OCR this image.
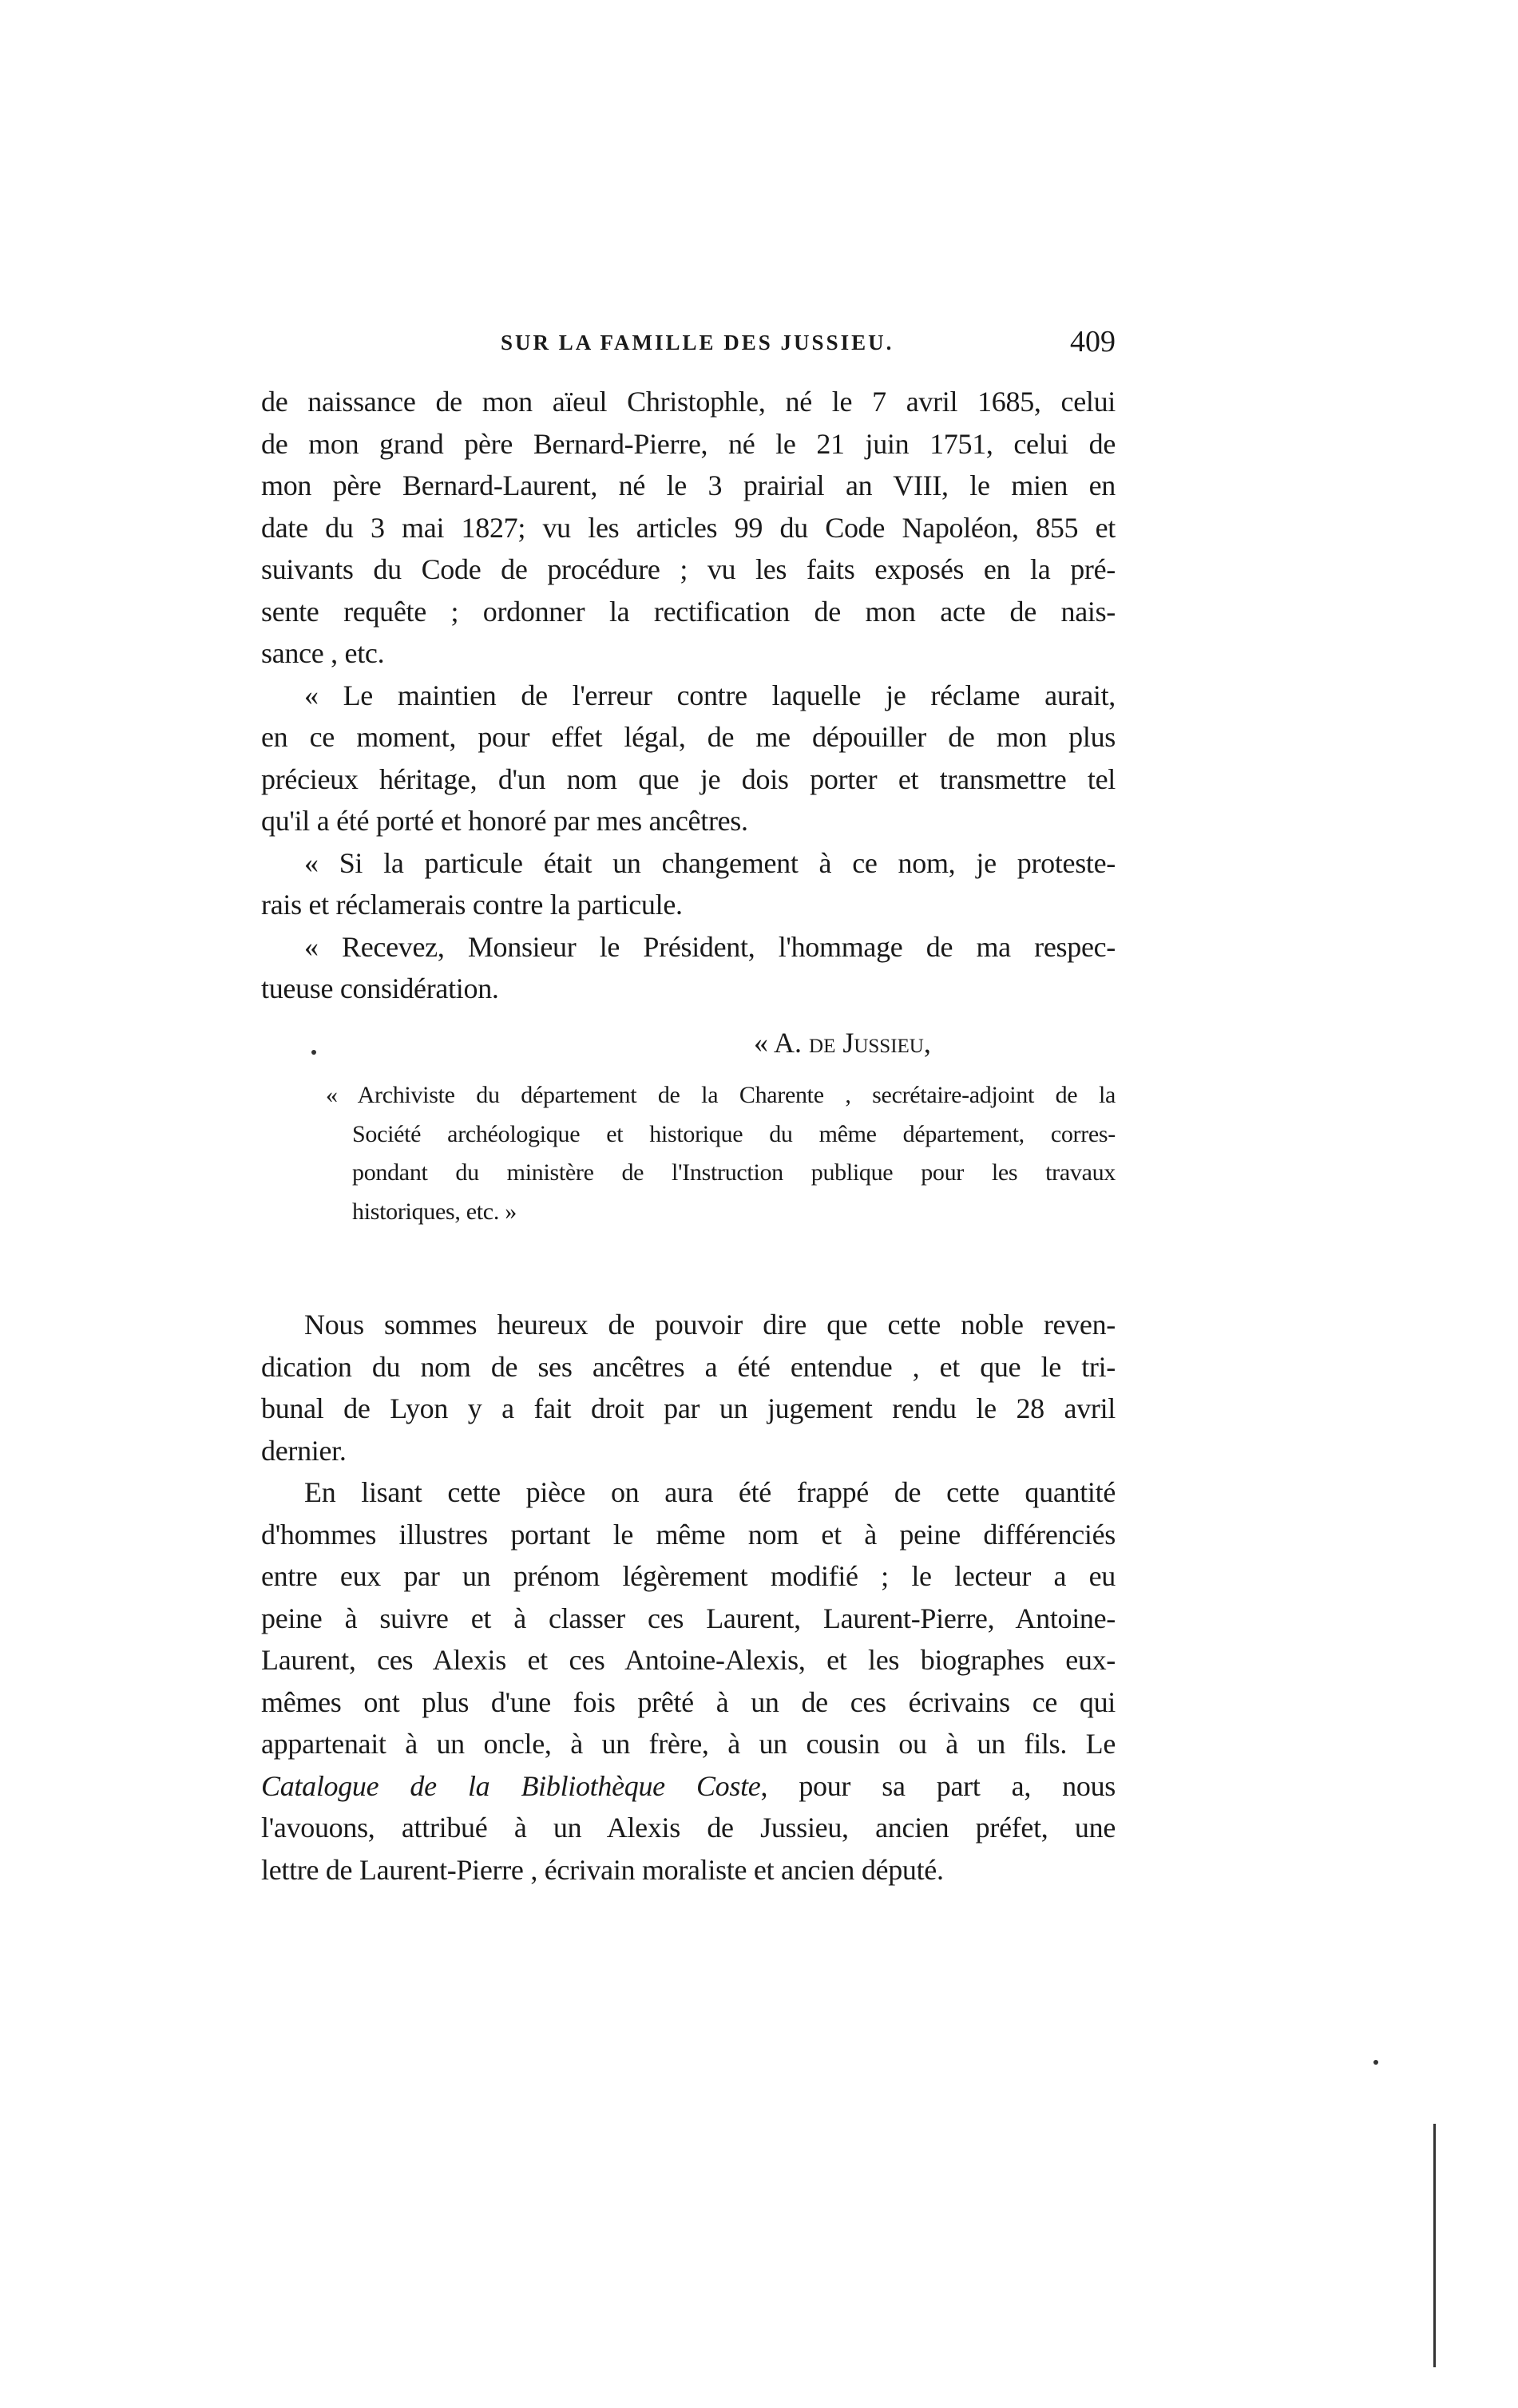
SUR LA FAMILLE DES JUSSIEU.	409
de naissance de mon aïeul Christophle, né le 7 avril 1685, celui
de mon grand père Bernard-Pierre, né le 21 juin 1751, celui de
mon père Bernard-Laurent, né le 3 prairial an VIII, le mien en
date du 3 mai 1827; vu les articles 99 du Code Napoléon, 855 et
suivants du Code de procédure ; vu les faits exposés en la pré-
sente requête ; ordonner la rectification de mon acte de nais-
sance , etc.
« Le maintien de l'erreur contre laquelle je réclame aurait,
en ce moment, pour effet légal, de me dépouiller de mon plus
précieux héritage, d'un nom que je dois porter et transmettre tel
qu'il a été porté et honoré par mes ancêtres.
« Si la particule était un changement à ce nom, je proteste-
rais et réclamerais contre la particule.
« Recevez, Monsieur le Président, l'hommage de ma respec-
tueuse considération.
« A. de Jussieu,
« Archiviste du département de la Charente , secrétaire-adjoint de la
Société archéologique et historique du même département, corres-
pondant du ministère de l'Instruction publique pour les travaux
historiques, etc. »
Nous sommes heureux de pouvoir dire que cette noble reven-
dication du nom de ses ancêtres a été entendue , et que le tri-
bunal de Lyon y a fait droit par un jugement rendu le 28 avril
dernier.
En lisant cette pièce on aura été frappé de cette quantité
d'hommes illustres portant le même nom et à peine différenciés
entre eux par un prénom légèrement modifié ; le lecteur a eu
peine à suivre et à classer ces Laurent, Laurent-Pierre, Antoine-
Laurent, ces Alexis et ces Antoine-Alexis, et les biographes eux-
mêmes ont plus d'une fois prêté à un de ces écrivains ce qui
appartenait à un oncle, à un frère, à un cousin ou à un fils. Le
Catalogue de la Bibliothèque Coste, pour sa part a, nous
l'avouons, attribué à un Alexis de Jussieu, ancien préfet, une
lettre de Laurent-Pierre , écrivain moraliste et ancien député.
